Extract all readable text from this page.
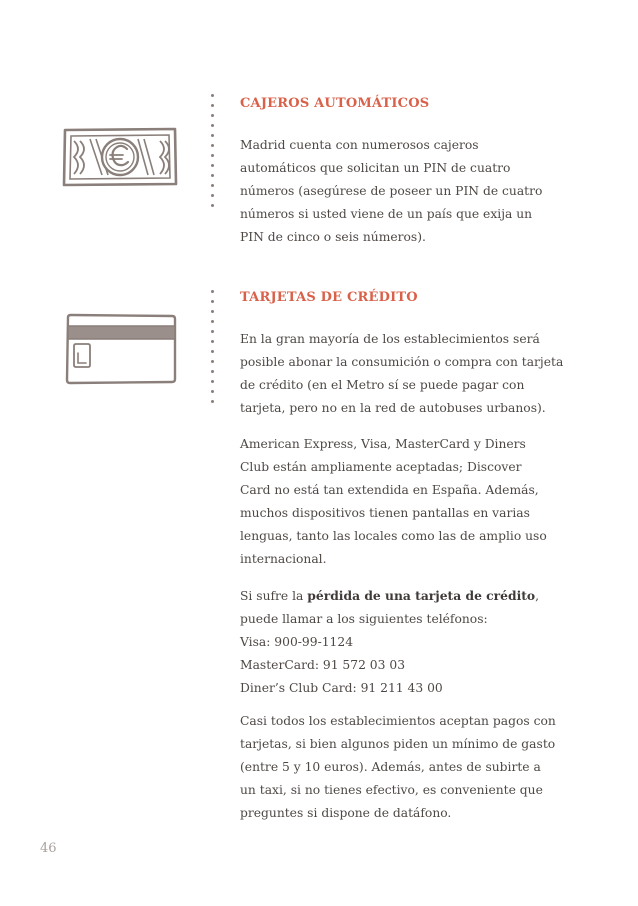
CAJEROS AUTOMÁTICOS

Madrid cuenta con numerosos cajeros
automáticos que solicitan un PIN de cuatro
números (asegúrese de poseer un PIN de cuatro
números si usted viene de un país que exija un
PIN de cinco o seis números).

TARJETAS DE CRÉDITO

En la gran mayoría de los establecimientos será
posible abonar la consumición o compra con tarjeta
de crédito (en el Metro sí se puede pagar con
tarjeta, pero no en la red de autobuses urbanos).

American Express, Visa, MasterCard y Diners
Club están ampliamente aceptadas; Discover
Card no está tan extendida en España. Además,
muchos dispositivos tienen pantallas en varias
lenguas, tanto las locales como las de amplio uso
internacional.

Si sufre la pérdida de una tarjeta de crédito,
puede llamar a los siguientes teléfonos:
Visa: 900-99-1124
MasterCard: 91 572 03 03
Diner’s Club Card: 91 211 43 00

Casi todos los establecimientos aceptan pagos con
tarjetas, si bien algunos piden un mínimo de gasto
(entre 5 y 10 euros). Además, antes de subirte a
un taxi, si no tienes efectivo, es conveniente que
preguntes si dispone de datáfono.

46
